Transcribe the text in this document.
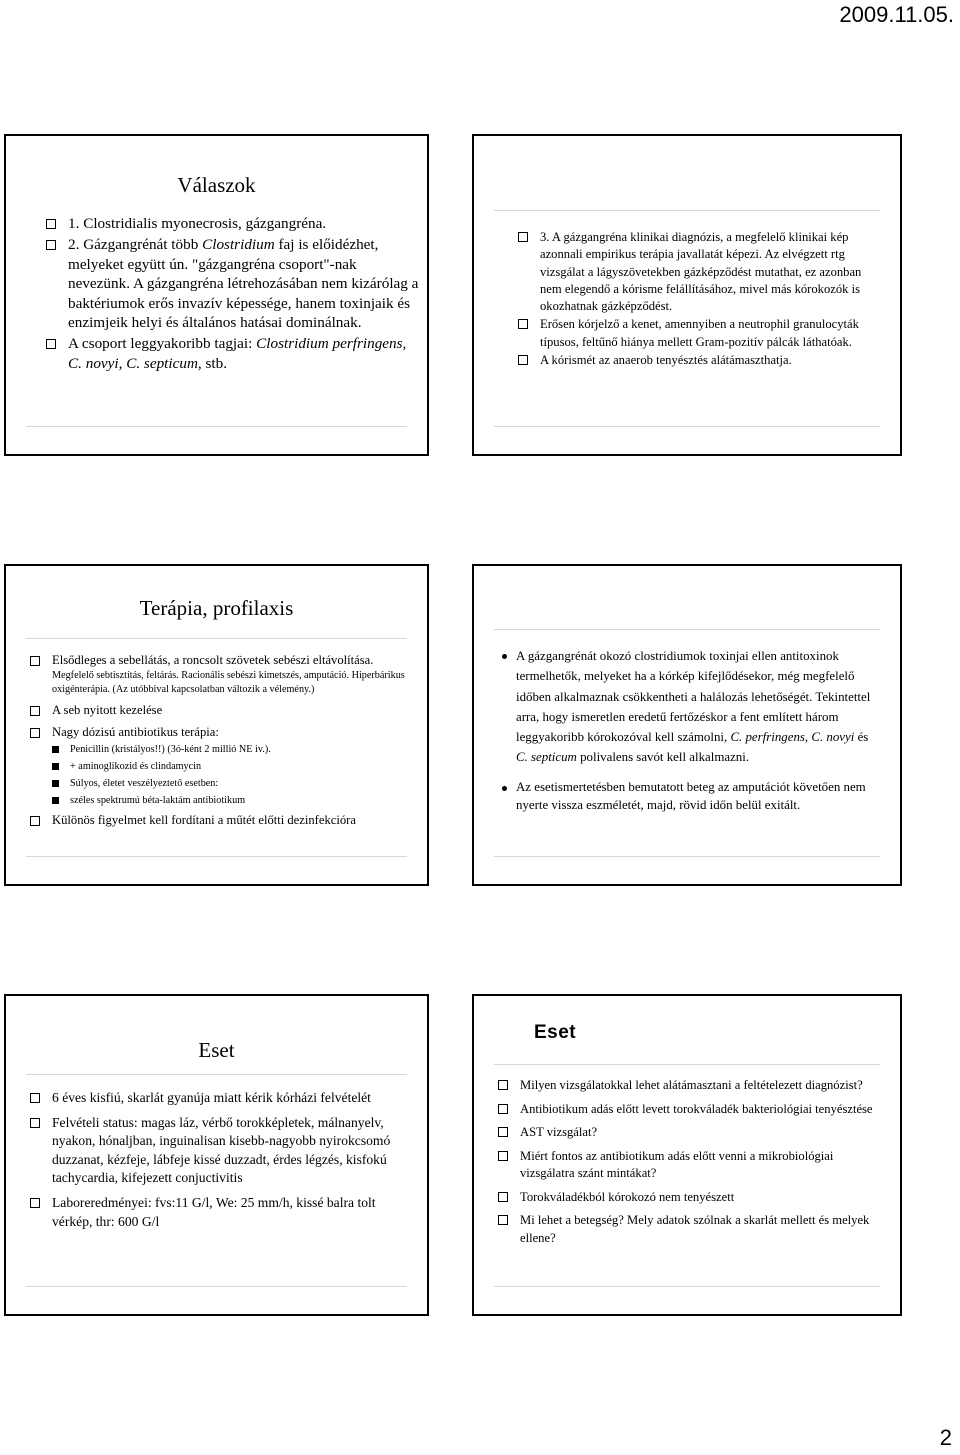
2009.11.05.
Válaszok
1. Clostridialis myonecrosis, gázgangréna.
2. Gázgangrénát több Clostridium faj is előidézhet, melyeket együtt ún. "gázgangréna csoport"-nak nevezünk. A gázgangréna létrehozásában nem kizárólag a baktériumok erős invazív képessége, hanem toxinjaik és enzimjeik helyi és általános hatásai dominálnak.
A csoport leggyakoribb tagjai: Clostridium perfringens, C. novyi, C. septicum, stb.
3. A gázgangréna klinikai diagnózis, a megfelelő klinikai kép azonnali empirikus terápia javallatát képezi. Az elvégzett rtg vizsgálat a lágyszövetekben gázképződést mutathat, ez azonban nem elegendő a kórisme felállításához, mivel más kórokozók is okozhatnak gázképződést.
Erősen kórjelző a kenet, amennyiben a neutrophil granulocyták típusos, feltűnő hiánya mellett Gram-pozitív pálcák láthatóak.
A kórismét az anaerob tenyésztés alátámaszthatja.
Terápia, profilaxis
Elsődleges a sebellátás, a roncsolt szövetek sebészi eltávolítása.
Megfelelő sebtisztítás, feltárás. Racionális sebészi kimetszés, amputáció. Hiperbárikus oxigénterápia. (Az utóbbival kapcsolatban változik a vélemény.)
A seb nyitott kezelése
Nagy dózisú antibiotikus terápia:
Penicillin (kristályos!!) (3ó-ként 2 millió NE iv.).
+ aminoglikozid és clindamycin
Súlyos, életet veszélyeztető esetben:
széles spektrumú béta-laktám antibiotikum
Különös figyelmet kell fordítani a műtét előtti dezinfekcióra
A gázgangrénát okozó clostridiumok toxinjai ellen antitoxinok termelhetők, melyeket ha a kórkép kifejlődésekor, még megfelelő időben alkalmaznak csökkentheti a halálozás lehetőségét. Tekintettel arra, hogy ismeretlen eredetű fertőzéskor a fent említett három leggyakoribb kórokozóval kell számolni, C. perfringens, C. novyi és C. septicum polivalens savót kell alkalmazni.
Az esetismertetésben bemutatott beteg az amputációt követően nem nyerte vissza eszméletét, majd, rövid időn belül exitált.
Eset
6 éves kisfiú, skarlát gyanúja miatt kérik kórházi felvételét
Felvételi status: magas láz, vérbő torokképletek, málnanyelv, nyakon, hónaljban, inguinalisan kisebb-nagyobb nyirokcsomó duzzanat, kézfeje, lábfeje kissé duzzadt, érdes légzés, kisfokú tachycardia, kifejezett conjuctivitis
Laboreredményei: fvs:11 G/l, We: 25 mm/h, kissé balra tolt vérkép, thr: 600 G/l
Eset
Milyen vizsgálatokkal lehet alátámasztani a feltételezett diagnózist?
Antibiotikum adás előtt levett torokváladék bakteriológiai tenyésztése
AST vizsgálat?
Miért fontos az antibiotikum adás előtt venni a mikrobiológiai vizsgálatra szánt mintákat?
Torokváladékból kórokozó nem tenyészett
Mi lehet a betegség? Mely adatok szólnak a skarlát mellett és melyek ellene?
2
